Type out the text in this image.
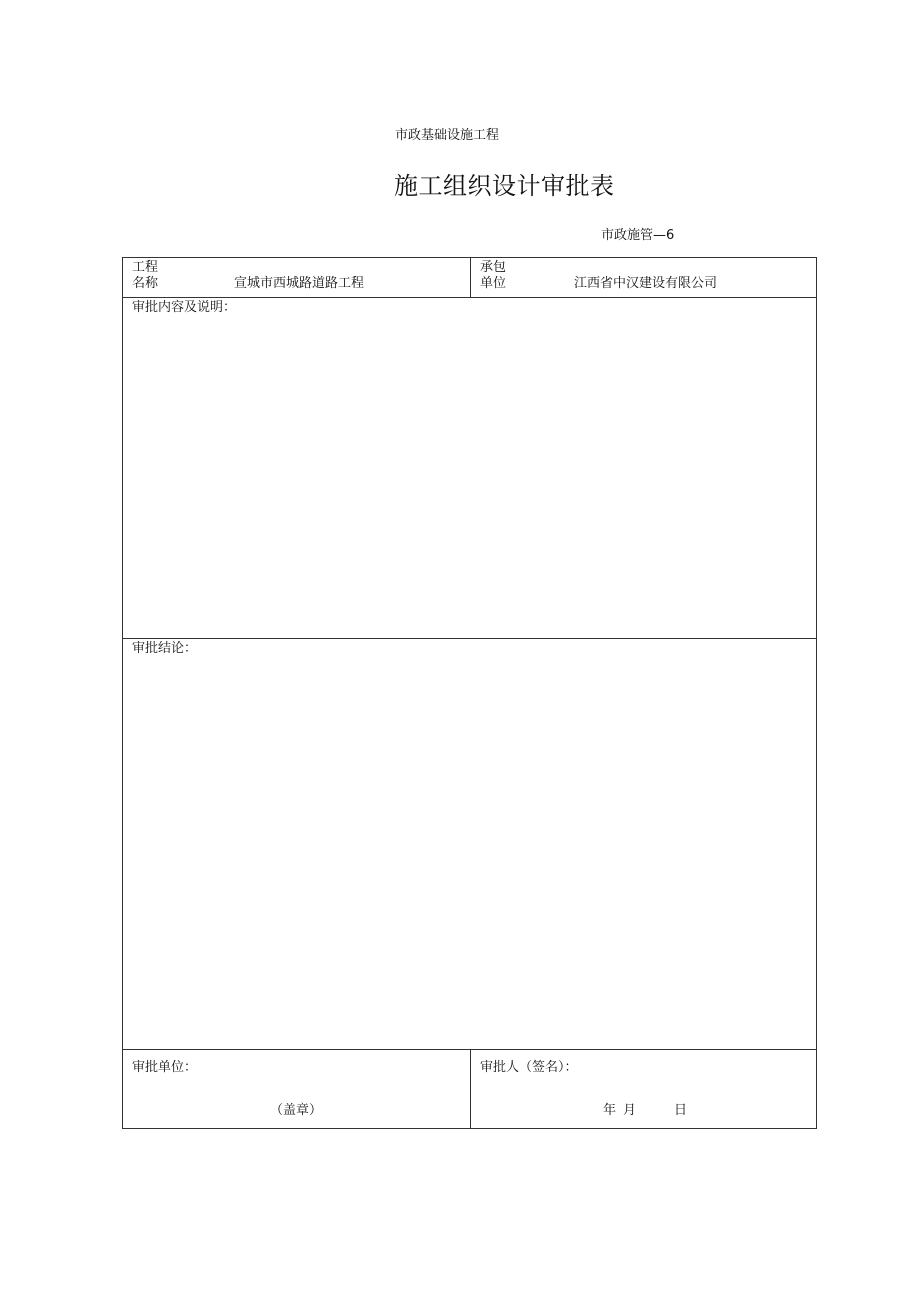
市政基础设施工程
施工组织设计审批表
市政施管—6
工程
名称	宣城市西城路道路工程
承包
单位	江西省中汉建设有限公司
审批内容及说明：
审批结论：
审批单位：
（盖章）
审批人（签名）：
年 月	日
